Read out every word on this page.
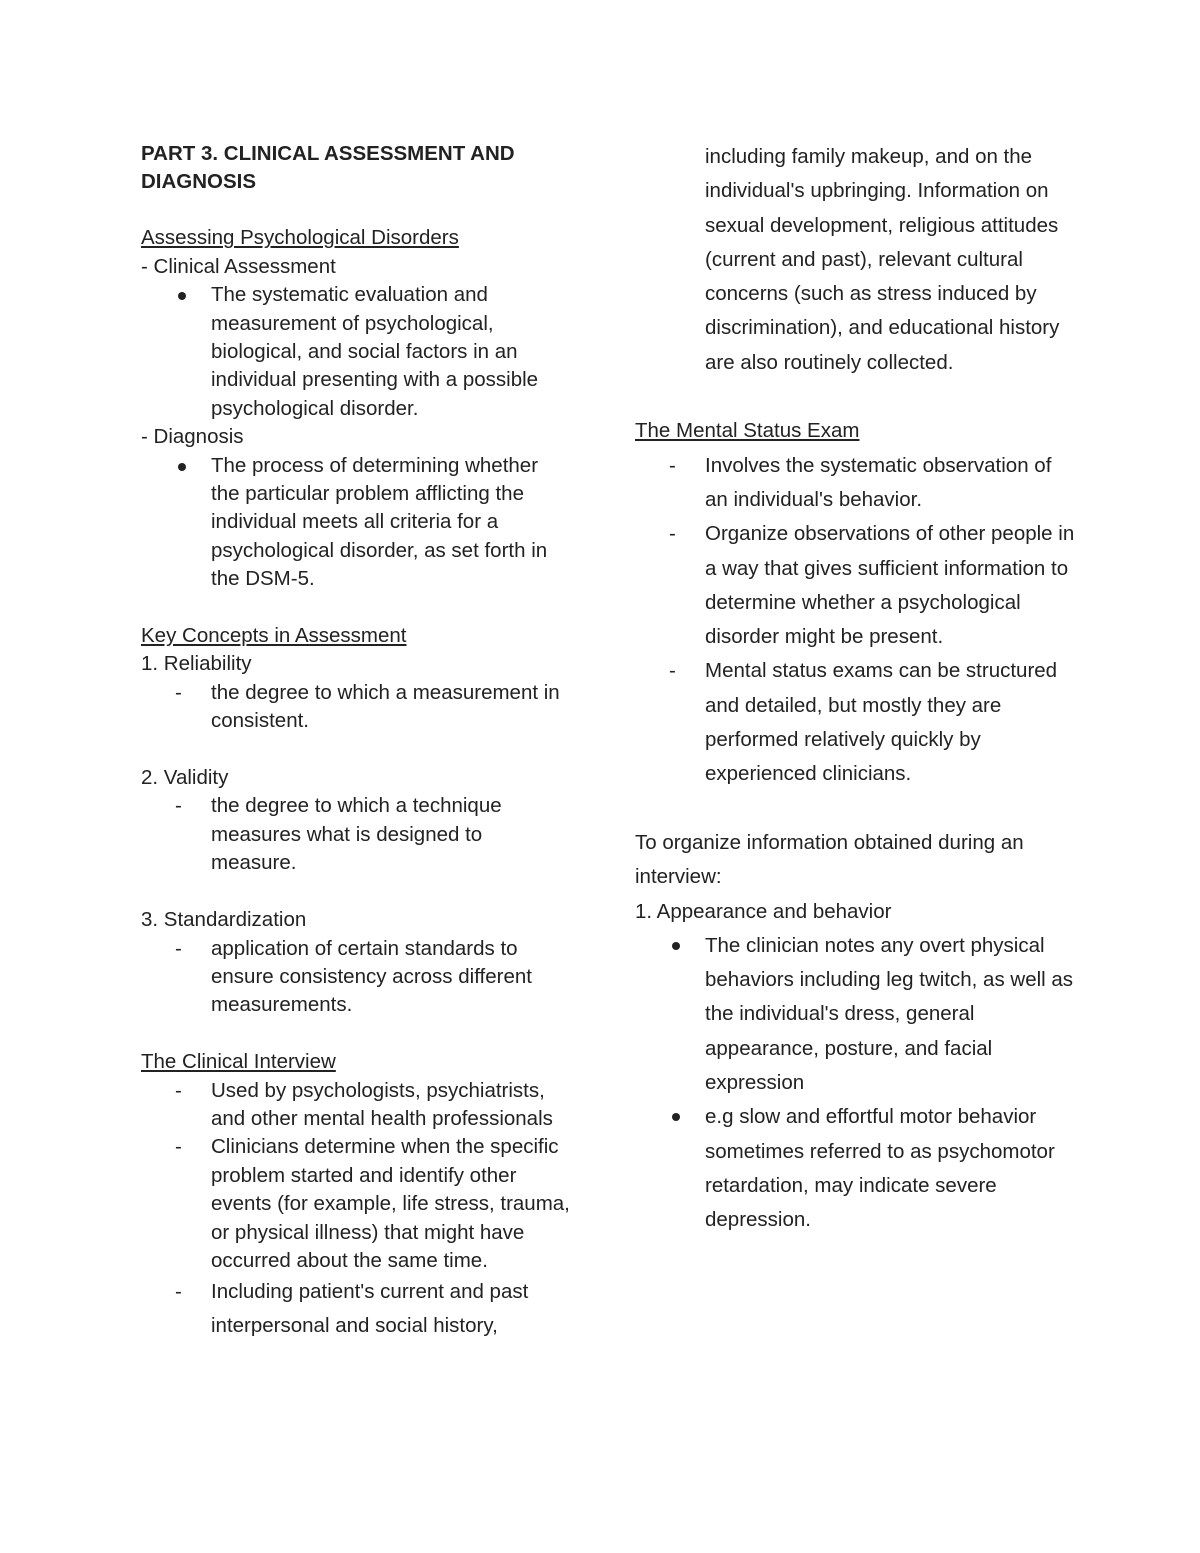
PART 3. CLINICAL ASSESSMENT AND
DIAGNOSIS

Assessing Psychological Disorders
- Clinical Assessment
The systematic evaluation and measurement of psychological, biological, and social factors in an individual presenting with a possible psychological disorder.
- Diagnosis
The process of determining whether the particular problem afflicting the individual meets all criteria for a psychological disorder, as set forth in the DSM-5.
Key Concepts in Assessment
1. Reliability
- the degree to which a measurement in consistent.
2. Validity
- the degree to which a technique measures what is designed to measure.
3. Standardization
- application of certain standards to ensure consistency across different measurements.
The Clinical Interview
- Used by psychologists, psychiatrists, and other mental health professionals
- Clinicians determine when the specific problem started and identify other events (for example, life stress, trauma, or physical illness) that might have occurred about the same time.
- Including patient's current and past interpersonal and social history,
including family makeup, and on the individual's upbringing. Information on sexual development, religious attitudes (current and past), relevant cultural concerns (such as stress induced by discrimination), and educational history are also routinely collected.
The Mental Status Exam
- Involves the systematic observation of an individual's behavior.
- Organize observations of other people in a way that gives sufficient information to determine whether a psychological disorder might be present.
- Mental status exams can be structured and detailed, but mostly they are performed relatively quickly by experienced clinicians.
To organize information obtained during an interview:
1. Appearance and behavior
The clinician notes any overt physical behaviors including leg twitch, as well as the individual's dress, general appearance, posture, and facial expression
e.g slow and effortful motor behavior sometimes referred to as psychomotor retardation, may indicate severe depression.
